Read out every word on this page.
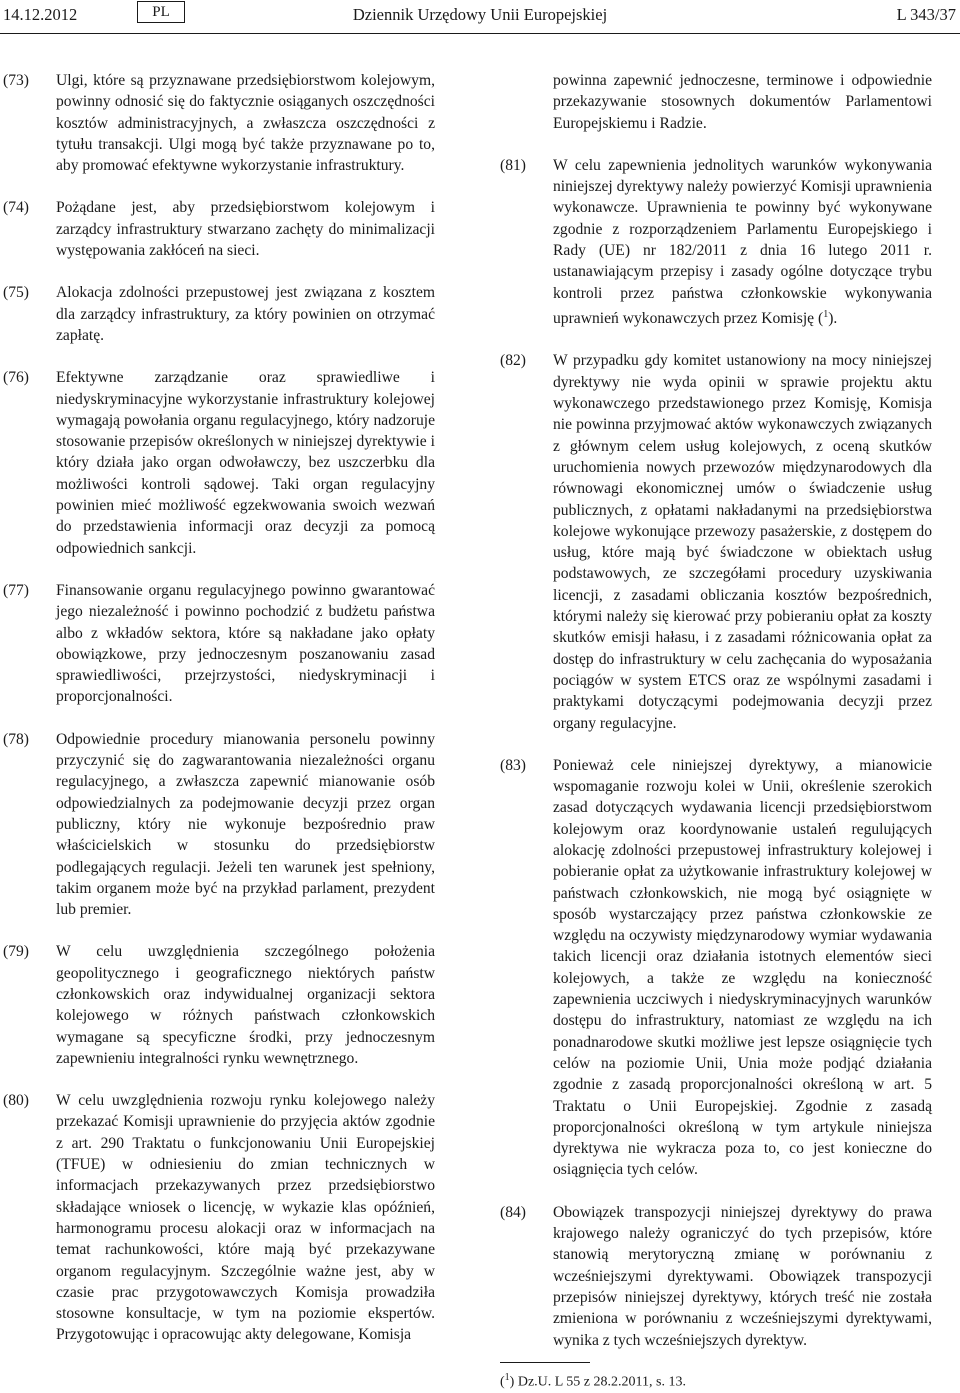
14.12.2012	PL	Dziennik Urzędowy Unii Europejskiej	L 343/37
(73) Ulgi, które są przyznawane przedsiębiorstwom kolejowym, powinny odnosić się do faktycznie osiąganych oszczędności kosztów administracyjnych, a zwłaszcza oszczędności z tytułu transakcji. Ulgi mogą być także przyznawane po to, aby promować efektywne wykorzystanie infrastruktury.
(74) Pożądane jest, aby przedsiębiorstwom kolejowym i zarządcy infrastruktury stwarzano zachęty do minimalizacji występowania zakłóceń na sieci.
(75) Alokacja zdolności przepustowej jest związana z kosztem dla zarządcy infrastruktury, za który powinien on otrzymać zapłatę.
(76) Efektywne zarządzanie oraz sprawiedliwe i niedyskryminacyjne wykorzystanie infrastruktury kolejowej wymagają powołania organu regulacyjnego, który nadzoruje stosowanie przepisów określonych w niniejszej dyrektywie i który działa jako organ odwoławczy, bez uszczerbku dla możliwości kontroli sądowej. Taki organ regulacyjny powinien mieć możliwość egzekwowania swoich wezwań do przedstawienia informacji oraz decyzji za pomocą odpowiednich sankcji.
(77) Finansowanie organu regulacyjnego powinno gwarantować jego niezależność i powinno pochodzić z budżetu państwa albo z wkładów sektora, które są nakładane jako opłaty obowiązkowe, przy jednoczesnym poszanowaniu zasad sprawiedliwości, przejrzystości, niedyskryminacji i proporcjonalności.
(78) Odpowiednie procedury mianowania personelu powinny przyczynić się do zagwarantowania niezależności organu regulacyjnego, a zwłaszcza zapewnić mianowanie osób odpowiedzialnych za podejmowanie decyzji przez organ publiczny, który nie wykonuje bezpośrednio praw właścicielskich w stosunku do przedsiębiorstw podlegających regulacji. Jeżeli ten warunek jest spełniony, takim organem może być na przykład parlament, prezydent lub premier.
(79) W celu uwzględnienia szczególnego położenia geopolitycznego i geograficznego niektórych państw członkowskich oraz indywidualnej organizacji sektora kolejowego w różnych państwach członkowskich wymagane są specyficzne środki, przy jednoczesnym zapewnieniu integralności rynku wewnętrznego.
(80) W celu uwzględnienia rozwoju rynku kolejowego należy przekazać Komisji uprawnienie do przyjęcia aktów zgodnie z art. 290 Traktatu o funkcjonowaniu Unii Europejskiej (TFUE) w odniesieniu do zmian technicznych w informacjach przekazywanych przez przedsiębiorstwo składające wniosek o licencję, w wykazie klas opóźnień, harmonogramu procesu alokacji oraz w informacjach na temat rachunkowości, które mają być przekazywane organom regulacyjnym. Szczególnie ważne jest, aby w czasie prac przygotowawczych Komisja prowadziła stosowne konsultacje, w tym na poziomie ekspertów. Przygotowując i opracowując akty delegowane, Komisja
powinna zapewnić jednoczesne, terminowe i odpowiednie przekazywanie stosownych dokumentów Parlamentowi Europejskiemu i Radzie.
(81) W celu zapewnienia jednolitych warunków wykonywania niniejszej dyrektywy należy powierzyć Komisji uprawnienia wykonawcze. Uprawnienia te powinny być wykonywane zgodnie z rozporządzeniem Parlamentu Europejskiego i Rady (UE) nr 182/2011 z dnia 16 lutego 2011 r. ustanawiającym przepisy i zasady ogólne dotyczące trybu kontroli przez państwa członkowskie wykonywania uprawnień wykonawczych przez Komisję ($^1$).
(82) W przypadku gdy komitet ustanowiony na mocy niniejszej dyrektywy nie wyda opinii w sprawie projektu aktu wykonawczego przedstawionego przez Komisję, Komisja nie powinna przyjmować aktów wykonawczych związanych z głównym celem usług kolejowych, z oceną skutków uruchomienia nowych przewozów międzynarodowych dla równowagi ekonomicznej umów o świadczenie usług publicznych, z opłatami nakładanymi na przedsiębiorstwa kolejowe wykonujące przewozy pasażerskie, z dostępem do usług, które mają być świadczone w obiektach usług podstawowych, ze szczegółami procedury uzyskiwania licencji, z zasadami obliczania kosztów bezpośrednich, którymi należy się kierować przy pobieraniu opłat za koszty skutków emisji hałasu, i z zasadami różnicowania opłat za dostęp do infrastruktury w celu zachęcania do wyposażania pociągów w system ETCS oraz ze wspólnymi zasadami i praktykami dotyczącymi podejmowania decyzji przez organy regulacyjne.
(83) Ponieważ cele niniejszej dyrektywy, a mianowicie wspomaganie rozwoju kolei w Unii, określenie szerokich zasad dotyczących wydawania licencji przedsiębiorstwom kolejowym oraz koordynowanie ustaleń regulujących alokację zdolności przepustowej infrastruktury kolejowej i pobieranie opłat za użytkowanie infrastruktury kolejowej w państwach członkowskich, nie mogą być osiągnięte w sposób wystarczający przez państwa członkowskie ze względu na oczywisty międzynarodowy wymiar wydawania takich licencji oraz działania istotnych elementów sieci kolejowych, a także ze względu na konieczność zapewnienia uczciwych i niedyskryminacyjnych warunków dostępu do infrastruktury, natomiast ze względu na ich ponadnarodowe skutki możliwe jest lepsze osiągnięcie tych celów na poziomie Unii, Unia może podjąć działania zgodnie z zasadą proporcjonalności określoną w art. 5 Traktatu o Unii Europejskiej. Zgodnie z zasadą proporcjonalności określoną w tym artykule niniejsza dyrektywa nie wykracza poza to, co jest konieczne do osiągnięcia tych celów.
(84) Obowiązek transpozycji niniejszej dyrektywy do prawa krajowego należy ograniczyć do tych przepisów, które stanowią merytoryczną zmianę w porównaniu z wcześniejszymi dyrektywami. Obowiązek transpozycji przepisów niniejszej dyrektywy, których treść nie została zmieniona w porównaniu z wcześniejszymi dyrektywami, wynika z tych wcześniejszych dyrektyw.
($^1$) Dz.U. L 55 z 28.2.2011, s. 13.
